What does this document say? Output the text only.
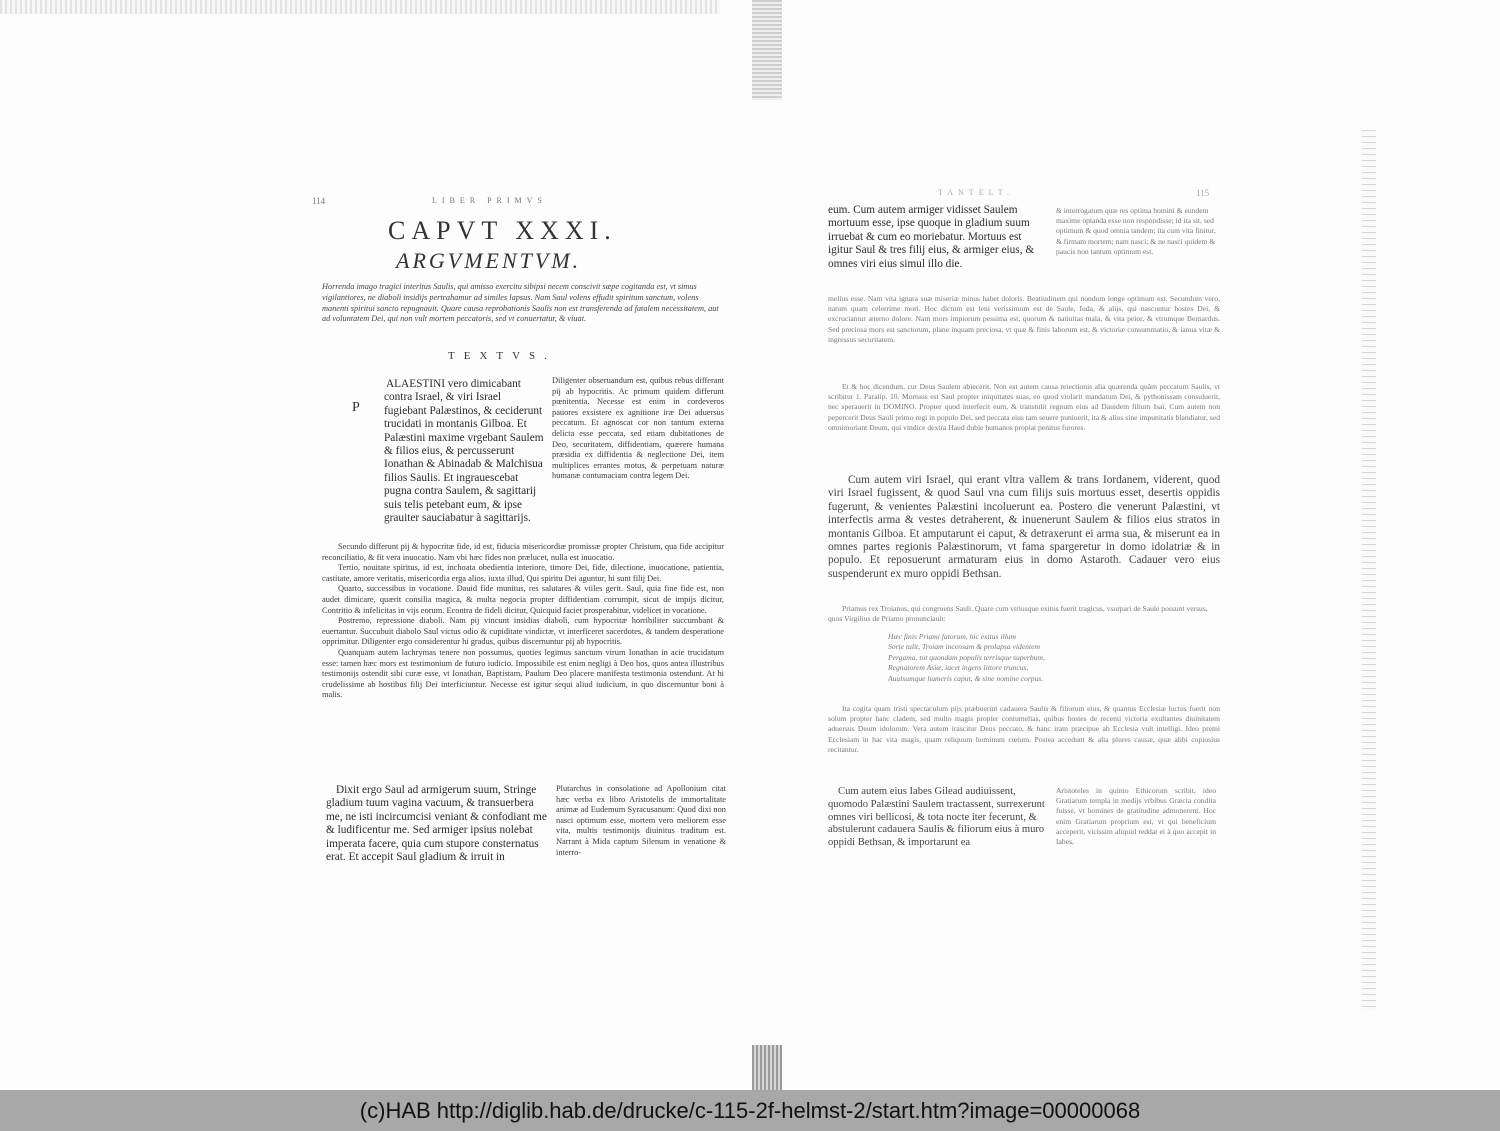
114	LIBER PRIMVS
CAPVT XXXI.
ARGVMENTVM.

Horrenda imago tragici interitus Saulis, qui amisso exercitu sibipsi necem conscivit sæpe cogitanda est, vt simus vigilantiores, ne diaboli insidijs pertrahamur ad similes lapsus. Nam Saul volens effudit spiritum sanctum, volens manenti spiritui sancto repugnauit. Quare causa reprobationis Saulis non est transferenda ad fatalem necessitatem, aut ad voluntatem Dei, qui non vult mortem peccatoris, sed vt conuertatur, & viuat.

TEXTVS.
P

ALAESTINI vero dimicabant contra Israel, & viri Israel fugiebant Palæstinos, & ceciderunt trucidati in montanis Gilboa. Et Palæstini maxime vrgebant Saulem & filios eius, & percusserunt Ionathan & Abinadab & Malchisua filios Saulis. Et ingrauescebat pugna contra Saulem, & sagittarij suis telis petebant eum, & ipse grauiter sauciabatur à sagittarijs.

Diligenter obseruandum est, quibus rebus differant pij ab hypocritis. Ac primum quidem differunt pœnitentia. Necesse est enim in cordeveros pauores exsistere ex agnitione iræ Dei aduersus peccatum. Et agnoscat cor non tantum externa delicta esse peccata, sed etiam dubitationes de Deo, securitatem, diffidentiam, quærere humana præsidia ex diffidentia & neglectione Dei, item multiplices errantes motus, & perpetuam naturæ humanæ contumaciam contra legem Dei.

Secundo differunt pij & hypocritæ fide, id est, fiducia misericordiæ promissæ propter Christum, qua fide accipitur reconciliatio, & fit vera inuocatio. Nam vbi hæc fides non prælucet, nulla est inuocatio.

Tertio, nouitate spiritus, id est, inchoata obedientia interiore, timore Dei, fide, dilectione, inuocatione, patientia, castitate, amore veritatis, misericordia erga alios, iuxta illud, Qui spiritu Dei aguntur, hi sunt filij Dei.

Quarto, successibus in vocatione. Dauid fide munitus, res salutares & viiles gerit. Saul, quia fine fide est, non audet dimicare, quærit consilia magica, & multa negocia propter diffidentiam corrumpit, sicut de impijs dicitur, Contritio & infelicitas in vijs eorum. Econtra de fideli dicitur, Quicquid faciet prosperabitur, videlicet in vocatione.

Postremo, repressione diaboli. Nam pij vincunt insidias diaboli, cum hypocritæ horribiliter succumbant & euertantur. Succubuit diabolo Saul victus odio & cupiditate vindictæ, vt interficeret sacerdotes, & tandem desperatione opprimitur. Diligenter ergo considerentur hi gradus, quibus discernuntur pij ab hypocritis.

Quanquam autem lachrymas tenere non possumus, quoties legimus sanctum virum Ionathan in acie trucidatum esse: tamen hæc mors est testimonium de futuro iudicio. Impossibile est enim negligi à Deo hos, quos antea illustribus testimonijs ostendit sibi curæ esse, vt Ionathan, Baptistam, Paulum Deo placere manifesta testimonia ostendunt. At hi crudelissime ab hostibus filij Dei interficiuntur. Necesse est igitur sequi aliud iudicium, in quo discernuntur boni à malis.

Dixit ergo Saul ad armigerum suum, Stringe gladium tuum vagina vacuum, & transuerbera me, ne isti incircumcisi veniant & confodiant me & ludificentur me. Sed armiger ipsius nolebat imperata facere, quia cum stupore consternatus erat. Et accepit Saul gladium & irruit in

Plutarchus in consolatione ad Apollonium citat hæc verba ex libro Aristotelis de immortalitate animæ ad Eudemum Syracusanum: Quod dixi non nasci optimum esse, mortem vero meliorem esse vita, multis testimonijs diuinitus traditum est. Narrant à Mida captum Silenum in venatione & interro-

TANTELT.	115

eum. Cum autem armiger vidisset Saulem mortuum esse, ipse quoque in gladium suum irruebat & cum eo moriebatur. Mortuus est igitur Saul & tres filij eius, & armiger eius, & omnes viri eius simul illo die.

& interrogatum quæ res optima homini & eundem maxime optanda esse non respondisse; id ita sit, sed optimum & quod omnia tandem; ita cum vita finitur, & firmam mortem; nam nasci; & ne nasci quidem & paucis non tantum optimum est.

melius esse. Nam vita ignara suæ miseriæ minus habet doloris. Beatiudinem qui nondum longe optimum est. Secundum vero, natum quam celerrime mori. Hoc dictum est leni verissimum est de Saule, Iuda, & alijs, qui nascuntur hostes Dei, & excruciantur æterno dolore. Nam mors impiorum pessima est, quorum & natiuitas mala, & vita peior, & vtrumque Bernardus. Sed preciosa mors est sanctorum, plane inquam preciosa, vt quæ & finis laborum est, & victoriæ consummatio, & ianua vitæ & ingressus securitatem.

Et & hoc dicendum, cur Deus Saulem abiecerit. Non est autem causa reiectionis alia quærenda quàm peccatum Saulis, vt scribitur 1. Paralip. 10. Mortuus est Saul propter iniquitates suas, eo quod violarit mandatum Dei, & pythonissam consuluerit, nec sperauerit in DOMINO. Propter quod interfecit eum, & transtulit regnum eius ad Dauidem filium Isai. Cum autem non pepercerit Deus Sauli primo regi in populo Dei, sed peccata eius tam seuere puniuerit, ita & alios sine impunitatis blandiatur, sed omnimoriant Deum, qui vindice dextra Haud dubie humanos propiat penitus furores.

Cum autem viri Israel, qui erant vltra vallem & trans Iordanem, viderent, quod viri Israel fugissent, & quod Saul vna cum filijs suis mortuus esset, desertis oppidis fugerunt, & venientes Palæstini incoluerunt ea. Postero die venerunt Palæstini, vt interfectis arma & vestes detraherent, & inuenerunt Saulem & filios eius stratos in montanis Gilboa. Et amputarunt ei caput, & detraxerunt ei arma sua, & miserunt ea in omnes partes regionis Palæstinorum, vt fama spargeretur in domo idolatriæ & in populo. Et reposuerunt armaturam eius in domo Astaroth. Cadauer vero eius suspenderunt ex muro oppidi Bethsan.

Priamus rex Troianus, qui congruens Sauli. Quare cum vtriusque exitus fuerit tragicus, vsurpari de Saule possunt versus, quos Virgilius de Priamo pronunciauit:

Hæc finis Priami fatorum, hic exitus illum
Sorte tulit, Troiam incensam & prolapsa videntem
Pergama, tot quondam populis terrisque superbum,
Regnatorem Asiæ, iacet ingens littore truncus,
Auulsumque humeris caput, & sine nomine corpus.

Ita cogita quam tristi spectaculum pijs præbuerint cadauera Saulis & filiorum eius, & quantus Ecclesiæ luctus fuerit non solum propter hanc cladem, sed multo magis propter contumelias, quibus hostes de recenti victoria exultantes diuinitatem aduersus Deum idolorum. Vera autem irascitur Deus peccato, & hanc iram præcipue ab Ecclesia vult intelligi. Ideo premi Ecclesiam in hac vita magis, quam reliquum hominum cœtum. Postea accedunt & alia plures causæ, quæ alibi copiosius recitantur.

Cum autem eius Iabes Gilead audiuissent, quomodo Palæstini Saulem tractassent, surrexerunt omnes viri bellicosi, & tota nocte iter fecerunt, & abstulerunt cadauera Saulis & filiorum eius à muro oppidi Bethsan, & importarunt ea

Aristoteles in quinto Ethicorum scribit, ideo Gratiarum templa in medijs vrbibus Græcia condita fuisse, vt homines de gratitudine admonerent. Hoc enim Gratiarum proprium est, vt qui beneficium acceperit, vicissim aliquid reddat ei à quo accepit in Iabes,

(c)HAB http://diglib.hab.de/drucke/c-115-2f-helmst-2/start.htm?image=00000068
